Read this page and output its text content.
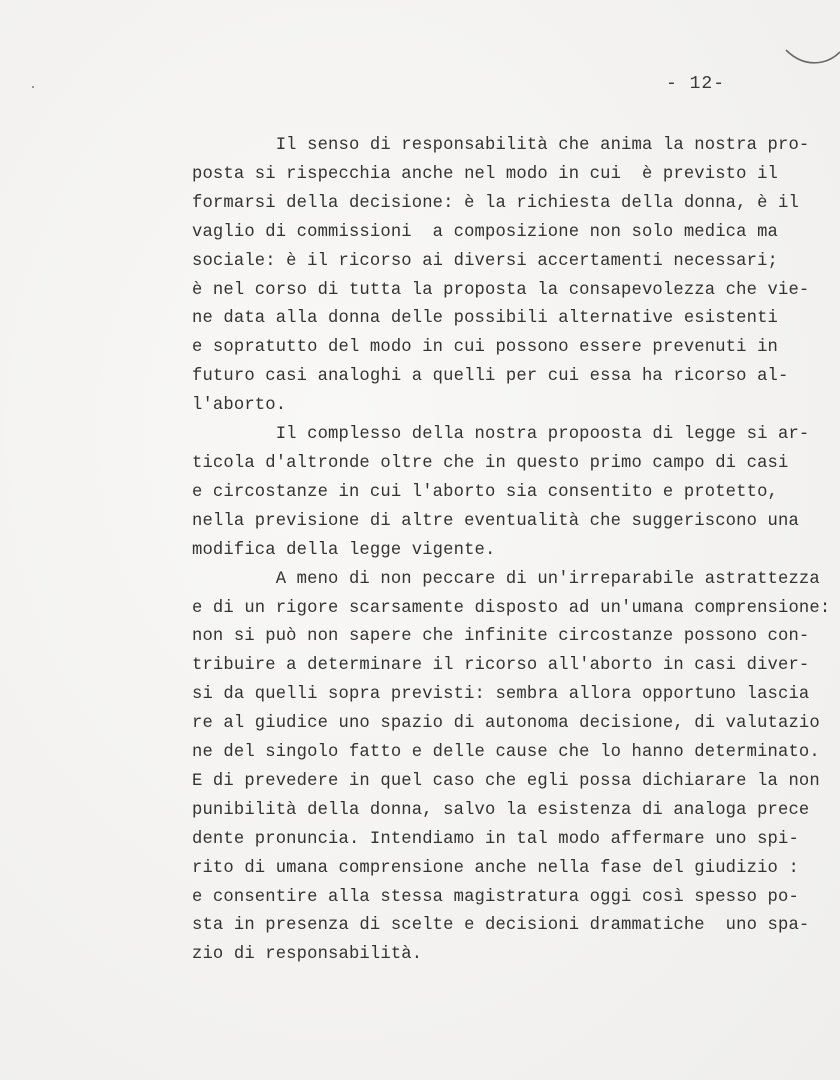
- 12-
Il senso di responsabilità che anima la nostra pro-
posta si rispecchia anche nel modo in cui  è previsto il
formarsi della decisione: è la richiesta della donna, è il
vaglio di commissioni  a composizione non solo medica ma
sociale: è il ricorso ai diversi accertamenti necessari;
è nel corso di tutta la proposta la consapevolezza che vie-
ne data alla donna delle possibili alternative esistenti
e sopratutto del modo in cui possono essere prevenuti in
futuro casi analoghi a quelli per cui essa ha ricorso al-
l'aborto.
Il complesso della nostra propoosta di legge si ar-
ticola d'altronde oltre che in questo primo campo di casi
e circostanze in cui l'aborto sia consentito e protetto,
nella previsione di altre eventualità che suggeriscono una
modifica della legge vigente.
A meno di non peccare di un'irreparabile astrattezza
e di un rigore scarsamente disposto ad un'umana comprensione:
non si può non sapere che infinite circostanze possono con-
tribuire a determinare il ricorso all'aborto in casi diver-
si da quelli sopra previsti: sembra allora opportuno lascia
re al giudice uno spazio di autonoma decisione, di valutazio
ne del singolo fatto e delle cause che lo hanno determinato.
E di prevedere in quel caso che egli possa dichiarare la non
punibilità della donna, salvo la esistenza di analoga prece
dente pronuncia. Intendiamo in tal modo affermare uno spi-
rito di umana comprensione anche nella fase del giudizio :
e consentire alla stessa magistratura oggi così spesso po-
sta in presenza di scelte e decisioni drammatiche  uno spa-
zio di responsabilità.
